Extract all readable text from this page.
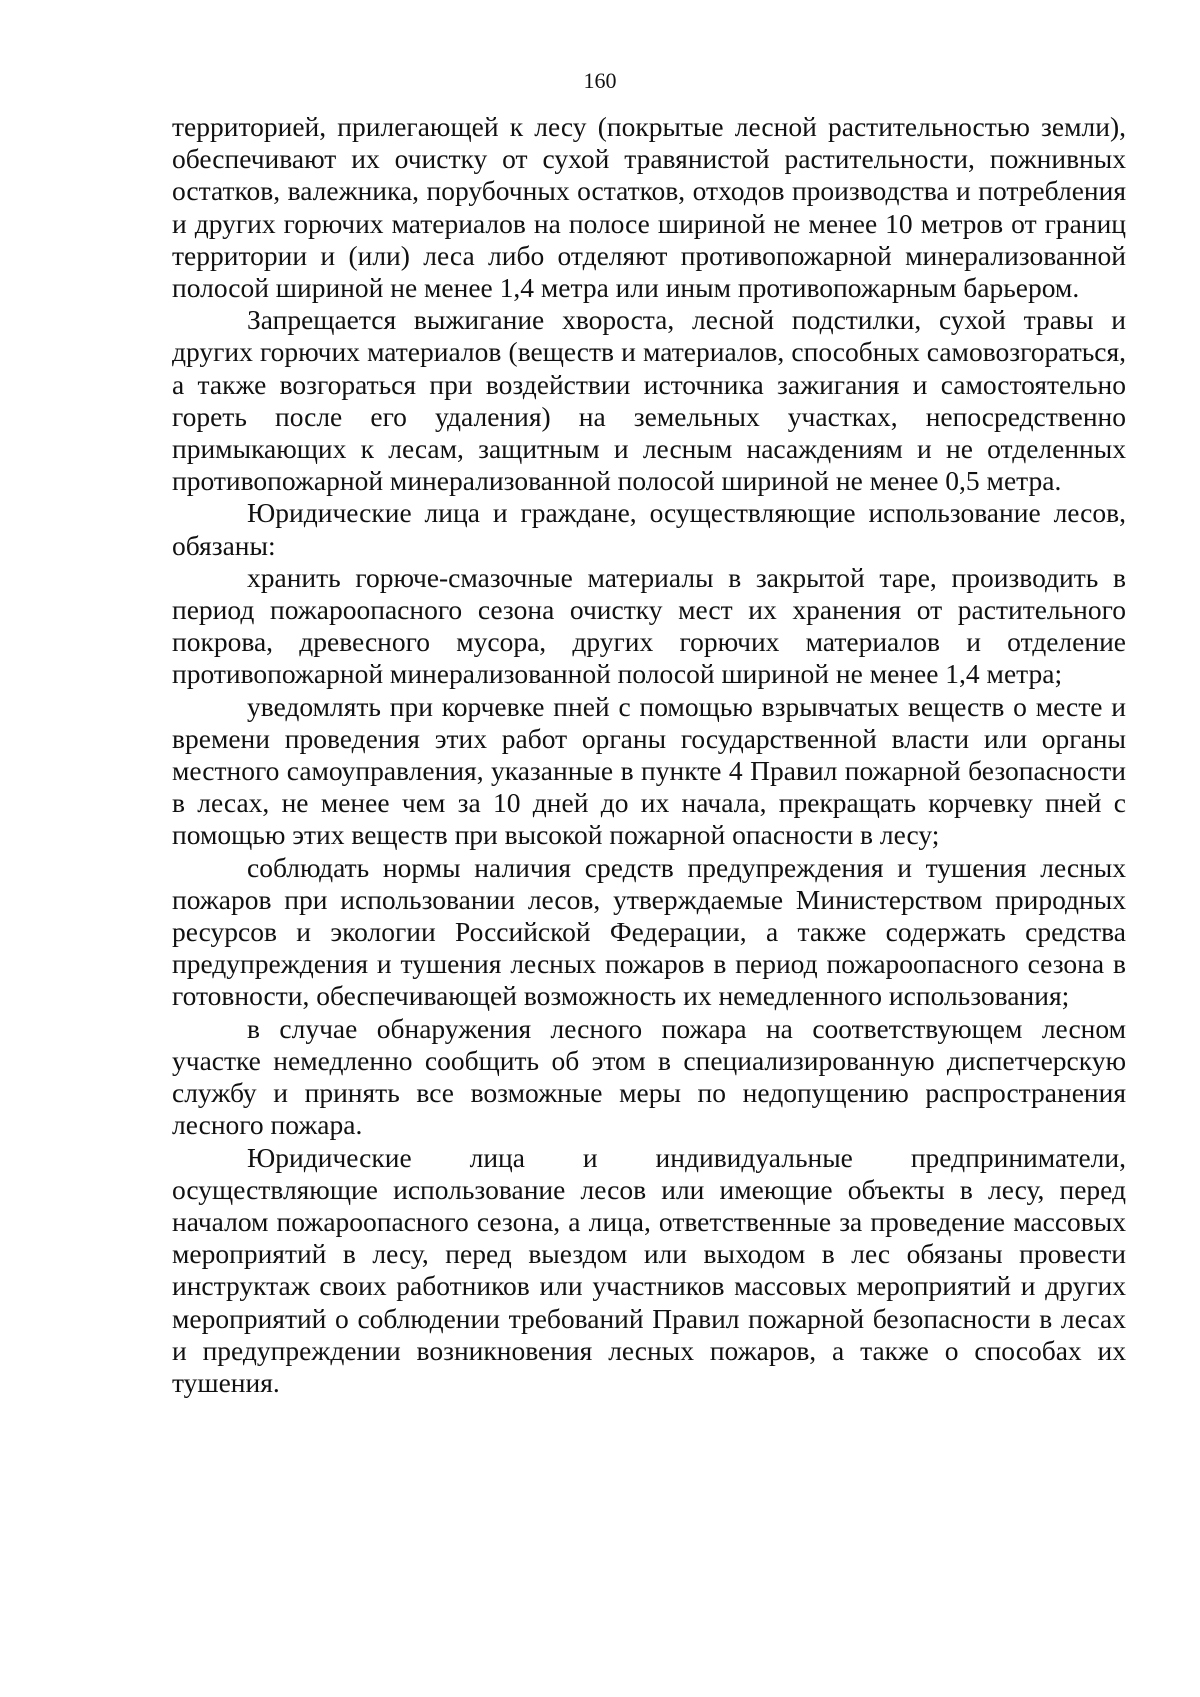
160

территорией, прилегающей к лесу (покрытые лесной растительностью земли), обеспечивают их очистку от сухой травянистой растительности, пожнивных остатков, валежника, порубочных остатков, отходов производства и потребления и других горючих материалов на полосе шириной не менее 10 метров от границ территории и (или) леса либо отделяют противопожарной минерализованной полосой шириной не менее 1,4 метра или иным противопожарным барьером.

Запрещается выжигание хвороста, лесной подстилки, сухой травы и других горючих материалов (веществ и материалов, способных самовозгораться, а также возгораться при воздействии источника зажигания и самостоятельно гореть после его удаления) на земельных участках, непосредственно примыкающих к лесам, защитным и лесным насаждениям и не отделенных противопожарной минерализованной полосой шириной не менее 0,5 метра.

Юридические лица и граждане, осуществляющие использование лесов, обязаны:

хранить горюче-смазочные материалы в закрытой таре, производить в период пожароопасного сезона очистку мест их хранения от растительного покрова, древесного мусора, других горючих материалов и отделение противопожарной минерализованной полосой шириной не менее 1,4 метра;

уведомлять при корчевке пней с помощью взрывчатых веществ о месте и времени проведения этих работ органы государственной власти или органы местного самоуправления, указанные в пункте 4 Правил пожарной безопасности в лесах, не менее чем за 10 дней до их начала, прекращать корчевку пней с помощью этих веществ при высокой пожарной опасности в лесу;

соблюдать нормы наличия средств предупреждения и тушения лесных пожаров при использовании лесов, утверждаемые Министерством природных ресурсов и экологии Российской Федерации, а также содержать средства предупреждения и тушения лесных пожаров в период пожароопасного сезона в готовности, обеспечивающей возможность их немедленного использования;

в случае обнаружения лесного пожара на соответствующем лесном участке немедленно сообщить об этом в специализированную диспетчерскую службу и принять все возможные меры по недопущению распространения лесного пожара.

Юридические лица и индивидуальные предприниматели, осуществляющие использование лесов или имеющие объекты в лесу, перед началом пожароопасного сезона, а лица, ответственные за проведение массовых мероприятий в лесу, перед выездом или выходом в лес обязаны провести инструктаж своих работников или участников массовых мероприятий и других мероприятий о соблюдении требований Правил пожарной безопасности в лесах и предупреждении возникновения лесных пожаров, а также о способах их тушения.
